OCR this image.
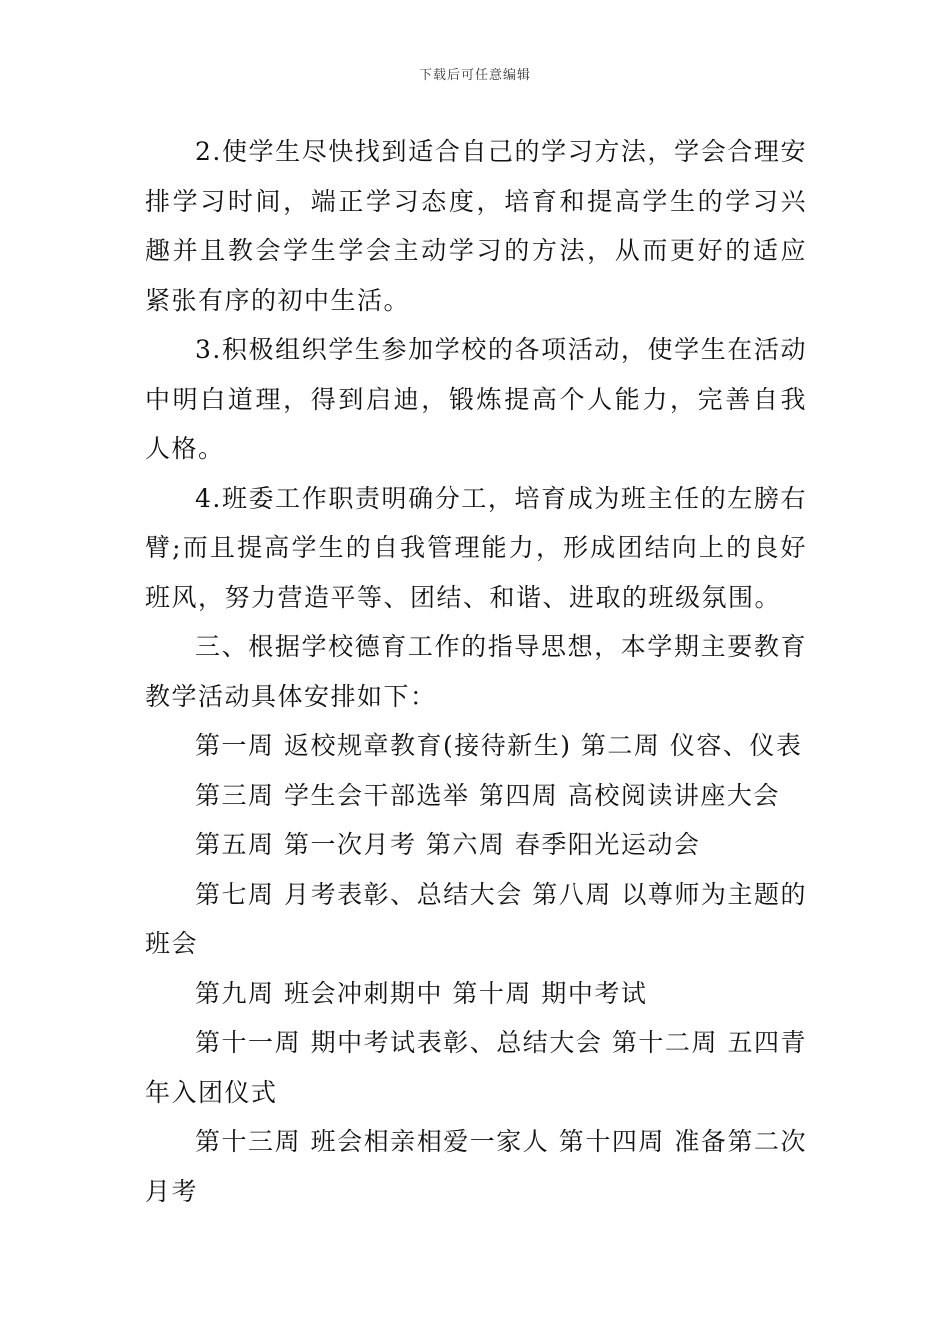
下载后可任意编辑

2.使学生尽快找到适合自己的学习方法，学会合理安排学习时间，端正学习态度，培育和提高学生的学习兴趣并且教会学生学会主动学习的方法，从而更好的适应紧张有序的初中生活。

3.积极组织学生参加学校的各项活动，使学生在活动中明白道理，得到启迪，锻炼提高个人能力，完善自我人格。

4.班委工作职责明确分工，培育成为班主任的左膀右臂;而且提高学生的自我管理能力，形成团结向上的良好班风，努力营造平等、团结、和谐、进取的班级氛围。

三、根据学校德育工作的指导思想，本学期主要教育教学活动具体安排如下：

第一周 返校规章教育(接待新生) 第二周 仪容、仪表

第三周 学生会干部选举 第四周 高校阅读讲座大会

第五周 第一次月考 第六周 春季阳光运动会

第七周 月考表彰、总结大会 第八周 以尊师为主题的班会

第九周 班会冲刺期中 第十周 期中考试

第十一周 期中考试表彰、总结大会 第十二周 五四青年入团仪式

第十三周 班会相亲相爱一家人 第十四周 准备第二次月考
